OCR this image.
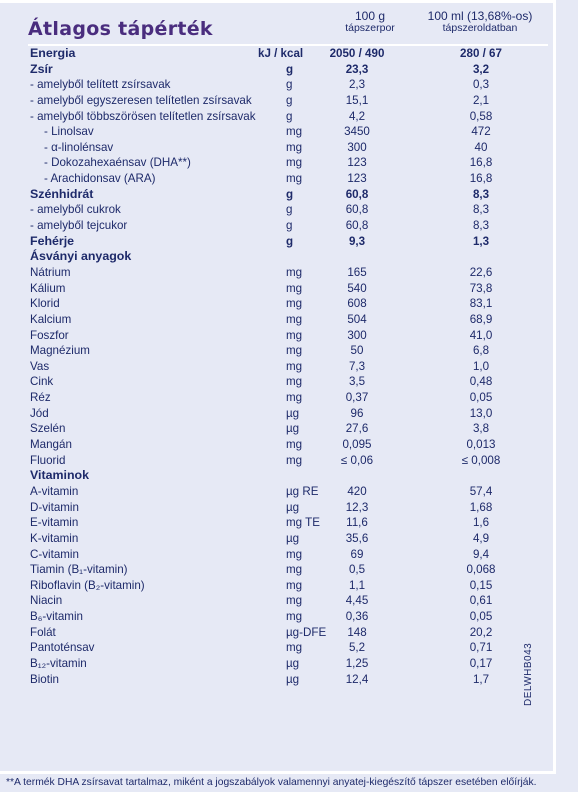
Átlagos tápérték
100 g
tápszerpor
100 ml (13,68%-os)
tápszeroldatban
Energia	kJ / kcal	2050 / 490	280 / 67
Zsír	g	23,3	3,2
- amelyből telített zsírsavak	g	2,3	0,3
- amelyből egyszeresen telítetlen zsírsavak	g	15,1	2,1
- amelyből többszörösen telítetlen zsírsavak	g	4,2	0,58
- Linolsav	mg	3450	472
- α-linolénsav	mg	300	40
- Dokozahexaénsav (DHA**)	mg	123	16,8
- Arachidonsav (ARA)	mg	123	16,8
Szénhidrát	g	60,8	8,3
- amelyből cukrok	g	60,8	8,3
- amelyből tejcukor	g	60,8	8,3
Fehérje	g	9,3	1,3
Ásványi anyagok
Nátrium	mg	165	22,6
Kálium	mg	540	73,8
Klorid	mg	608	83,1
Kalcium	mg	504	68,9
Foszfor	mg	300	41,0
Magnézium	mg	50	6,8
Vas	mg	7,3	1,0
Cink	mg	3,5	0,48
Réz	mg	0,37	0,05
Jód	µg	96	13,0
Szelén	µg	27,6	3,8
Mangán	mg	0,095	0,013
Fluorid	mg	≤ 0,06	≤ 0,008
Vitaminok
A-vitamin	µg RE	420	57,4
D-vitamin	µg	12,3	1,68
E-vitamin	mg TE	11,6	1,6
K-vitamin	µg	35,6	4,9
C-vitamin	mg	69	9,4
Tiamin (B₁-vitamin)	mg	0,5	0,068
Riboflavin (B₂-vitamin)	mg	1,1	0,15
Niacin	mg	4,45	0,61
B₆-vitamin	mg	0,36	0,05
Folát	µg-DFE	148	20,2
Pantoténsav	mg	5,2	0,71
B₁₂-vitamin	µg	1,25	0,17
Biotin	µg	12,4	1,7	DELWHB043
**A termék DHA zsírsavat tartalmaz, miként a jogszabályok valamennyi anyatej-kiegészítő tápszer esetében előírják.
